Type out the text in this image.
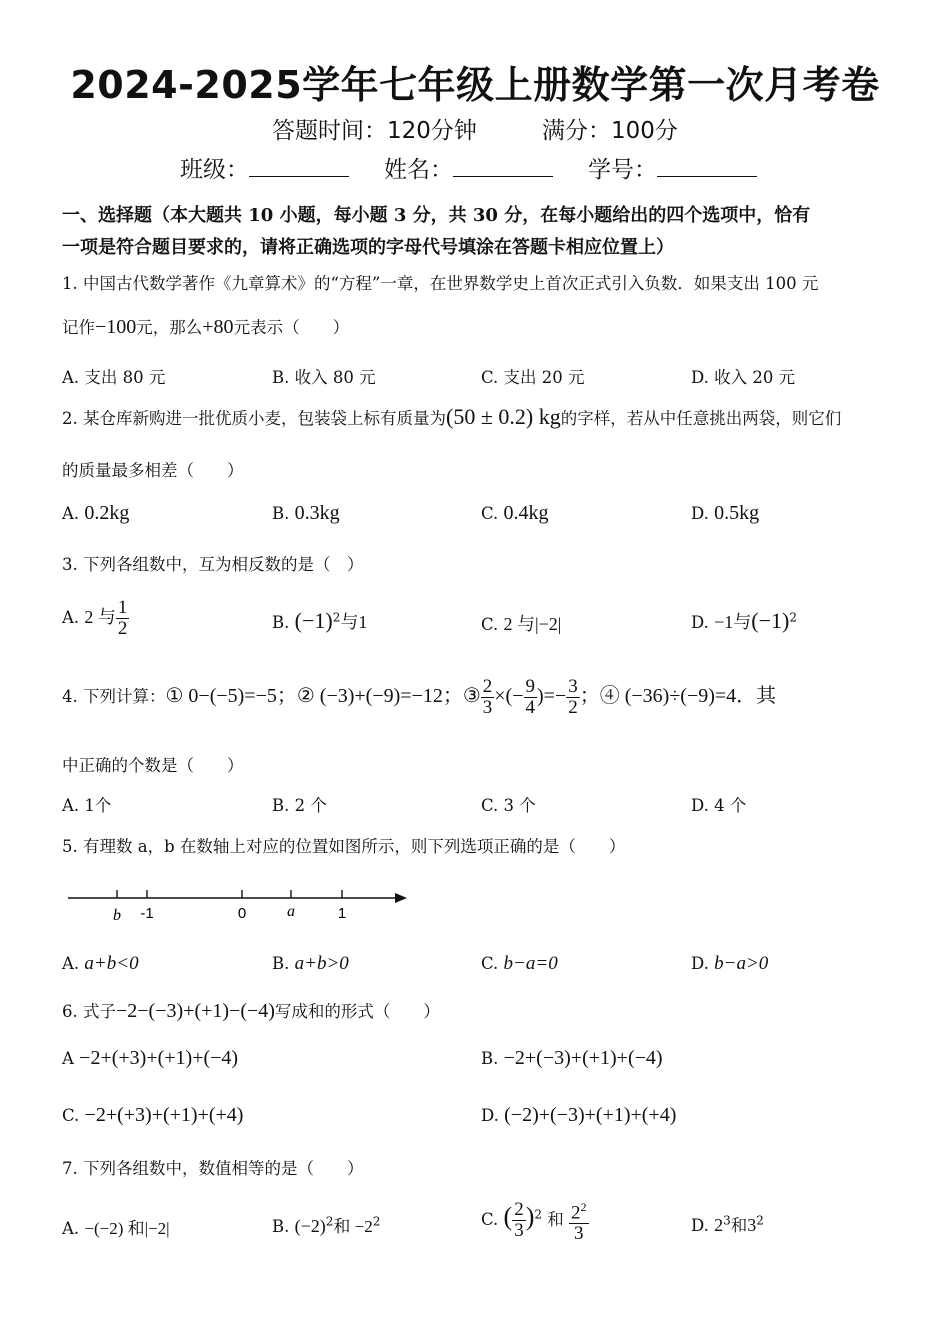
2024-2025学年七年级上册数学第一次月考卷
答题时间：120分钟	满分：100分
班级：	姓名：	学号：
一、选择题（本大题共 10 小题，每小题 3 分，共 30 分，在每小题给出的四个选项中，恰有
一项是符合题目要求的，请将正确选项的字母代号填涂在答题卡相应位置上）
1. 中国古代数学著作《九章算术》的“方程”一章，在世界数学史上首次正式引入负数．如果支出 100 元
记作−100元，那么+80元表示（　　）
A. 支出 80 元	B. 收入 80 元	C. 支出 20 元	D. 收入 20 元
2. 某仓库新购进一批优质小麦，包装袋上标有质量为(50 ± 0.2) kg的字样，若从中任意挑出两袋，则它们
的质量最多相差（　　）
A. 0.2kg	B. 0.3kg	C. 0.4kg	D. 0.5kg
3. 下列各组数中，互为相反数的是（　）
A. 2 与 $\frac{1}{2}$	B. $(-1)^2$与1	C. 2 与|−2|	D. −1与$(-1)^2$
4. 下列计算：① 0−(−5)=−5；② (−3)+(−9)=−12；③ $\frac{2}{3}$ ×(− $\frac{9}{4}$ )=− $\frac{3}{2}$ ；④ (−36)÷(−9)=4．其
中正确的个数是（　　）
A. 1个	B. 2 个	C. 3 个	D. 4 个
5. 有理数 a，b 在数轴上对应的位置如图所示，则下列选项正确的是（　　）
b -1	0	a	1
A. a+b<0	B. a+b>0	C. b−a=0	D. b−a>0
6. 式子−2−(−3)+(+1)−(−4)写成和的形式（　　）
A −2+(+3)+(+1)+(−4)	B. −2+(−3)+(+1)+(−4)
C. −2+(+3)+(+1)+(+4)	D. (−2)+(−3)+(+1)+(+4)
7. 下列各组数中，数值相等的是（　　）
A. −(−2) 和|−2|	B. $(-2)^2$和 $-2^2$	C. ( $\frac{2}{3} )^2$ 和 $\frac{2^2}{3}$	D. $2^3$和$3^2$
